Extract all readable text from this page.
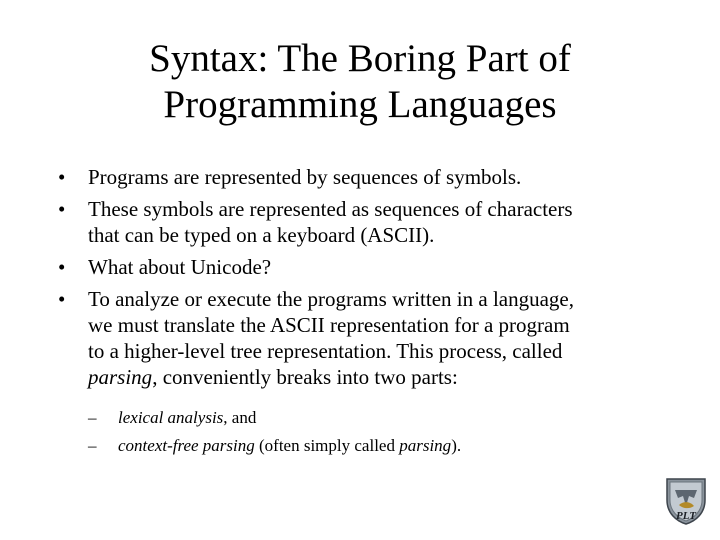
Syntax: The Boring Part of
Programming Languages
•	Programs are represented by sequences of symbols.
•	These symbols are represented as sequences of characters
that can be typed on a keyboard (ASCII).
•	What about Unicode?
•	To analyze or execute the programs written in a language,
we must translate the ASCII representation for a program
to a higher-level tree representation. This process, called
parsing, conveniently breaks into two parts:
– lexical analysis, and
– context-free parsing (often simply called parsing).
PLT
